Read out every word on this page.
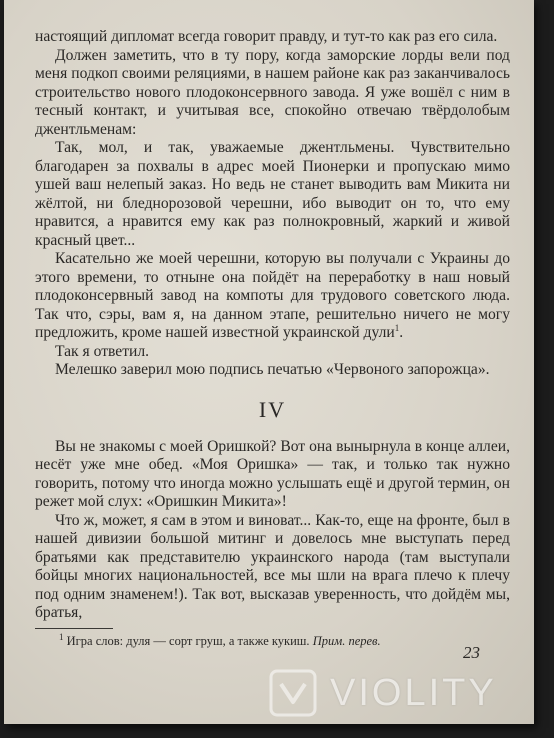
настоящий дипломат всегда говорит правду, и тут-то как раз его сила.

Должен заметить, что в ту пору, когда заморские лорды вели под меня подкоп своими реляциями, в нашем районе как раз заканчивалось строительство нового плодоконсервного завода. Я уже вошёл с ним в тесный контакт, и учитывая все, спокойно отвечаю твёрдолобым джентльменам:

Так, мол, и так, уважаемые джентльмены. Чувствительно благодарен за похвалы в адрес моей Пионерки и пропускаю мимо ушей ваш нелепый заказ. Но ведь не станет выводить вам Микита ни жёлтой, ни бледнорозовой черешни, ибо выводит он то, что ему нравится, а нравится ему как раз полнокровный, жаркий и живой красный цвет...

Касательно же моей черешни, которую вы получали с Украины до этого времени, то отныне она пойдёт на переработку в наш новый плодоконсервный завод на компоты для трудового советского люда. Так что, сэры, вам я, на данном этапе, решительно ничего не могу предложить, кроме нашей известной украинской дули$^1$.

Так я ответил.

Мелешко заверил мою подпись печатью «Червоного запорожца».

IV

Вы не знакомы с моей Оришкой? Вот она вынырнула в конце аллеи, несёт уже мне обед. «Моя Оришка» — так, и только так нужно говорить, потому что иногда можно услышать ещё и другой термин, он режет мой слух: «Оришкин Микита»!

Что ж, может, я сам в этом и виноват... Как-то, еще на фронте, был в нашей дивизии большой митинг и довелось мне выступать перед братьями как представителю украинского народа (там выступали бойцы многих национальностей, все мы шли на врага плечо к плечу под одним знаменем!). Так вот, высказав уверенность, что дойдём мы, братья,

$^1$ Игра слов: дуля — сорт груш, а также кукиш. Прим. перев.
23
VIOLITY
